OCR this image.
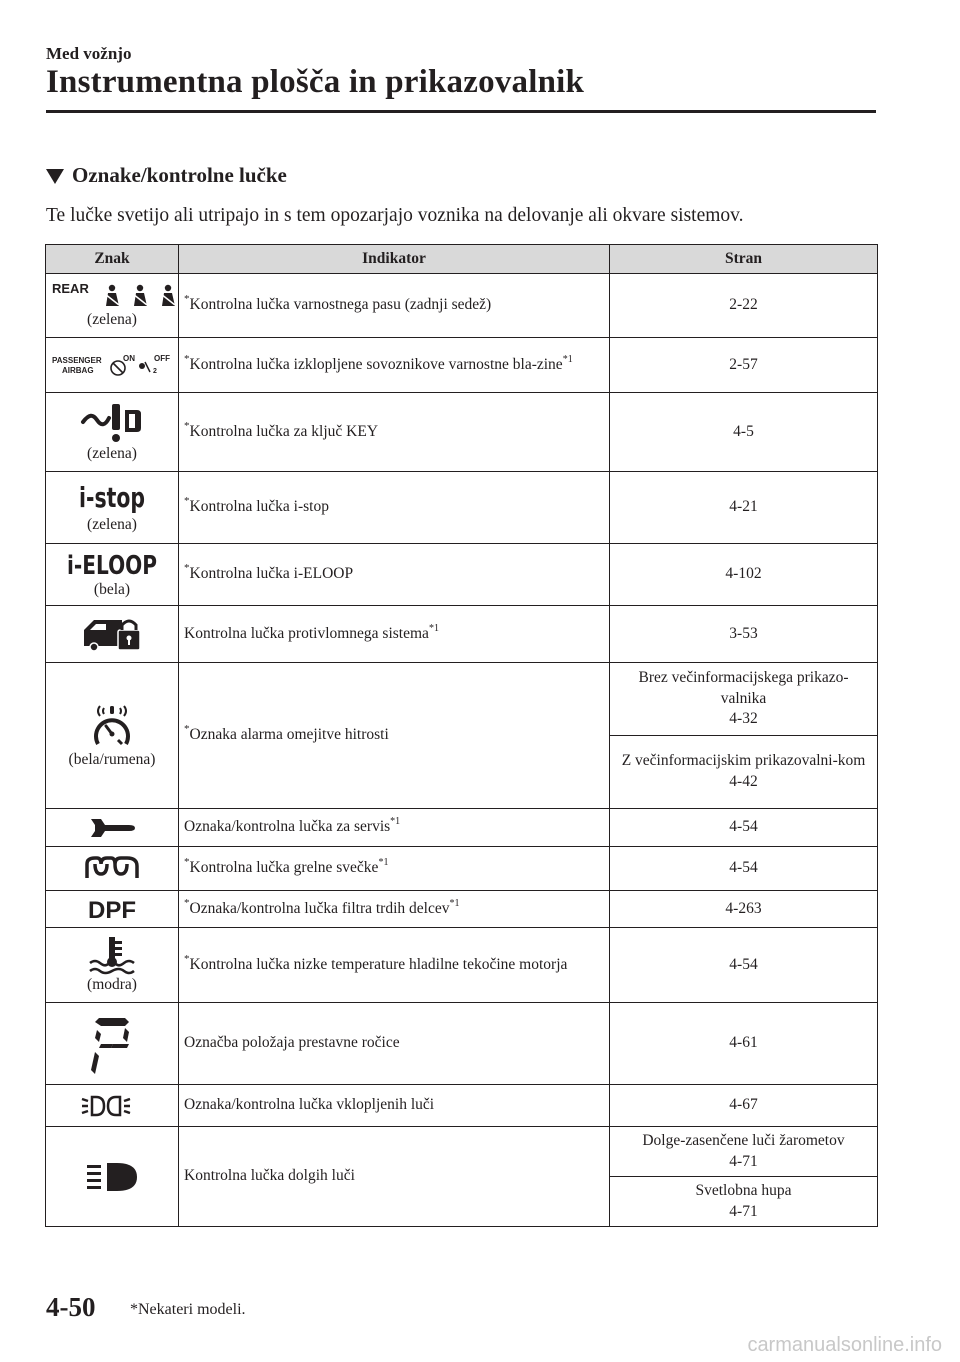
Med vožnjo
Instrumentna plošča in prikazovalnik
Oznake/kontrolne lučke
Te lučke svetijo ali utripajo in s tem opozarjajo voznika na delovanje ali okvare sistemov.
Znak	Indikator	Stran

REAR
(zelena)	*Kontrolna lučka varnostnega pasu (zadnji sedež)	2-22

PASSENGER
AIRBAG
ON OFF
2	*Kontrolna lučka izklopljene sovoznikove varnostne bla-zine$^{*1}$	2-57

(zelena)	*Kontrolna lučka za ključ KEY	4-5

i-stop
(zelena)	*Kontrolna lučka i-stop	4-21

i-ELOOP
(bela)	*Kontrolna lučka i-ELOOP	4-102

	Kontrolna lučka protivlomnega sistema$^{*1}$	3-53

(bela/rumena)	*Oznaka alarma omejitve hitrosti	Brez večinformacijskega prikazo-valnika
4-32
		Z večinformacijskim prikazovalni-kom
4-42

	Oznaka/kontrolna lučka za servis$^{*1}$	4-54

	*Kontrolna lučka grelne svečke$^{*1}$	4-54

DPF	*Oznaka/kontrolna lučka filtra trdih delcev$^{*1}$	4-263

(modra)	*Kontrolna lučka nizke temperature hladilne tekočine motorja	4-54

	Označba položaja prestavne ročice	4-61

	Oznaka/kontrolna lučka vklopljenih luči	4-67

	Kontrolna lučka dolgih luči	Dolge-zasenčene luči žarometov
4-71
		Svetlobna hupa
4-71
4-50 *Nekateri modeli.
carmanualsonline.info
